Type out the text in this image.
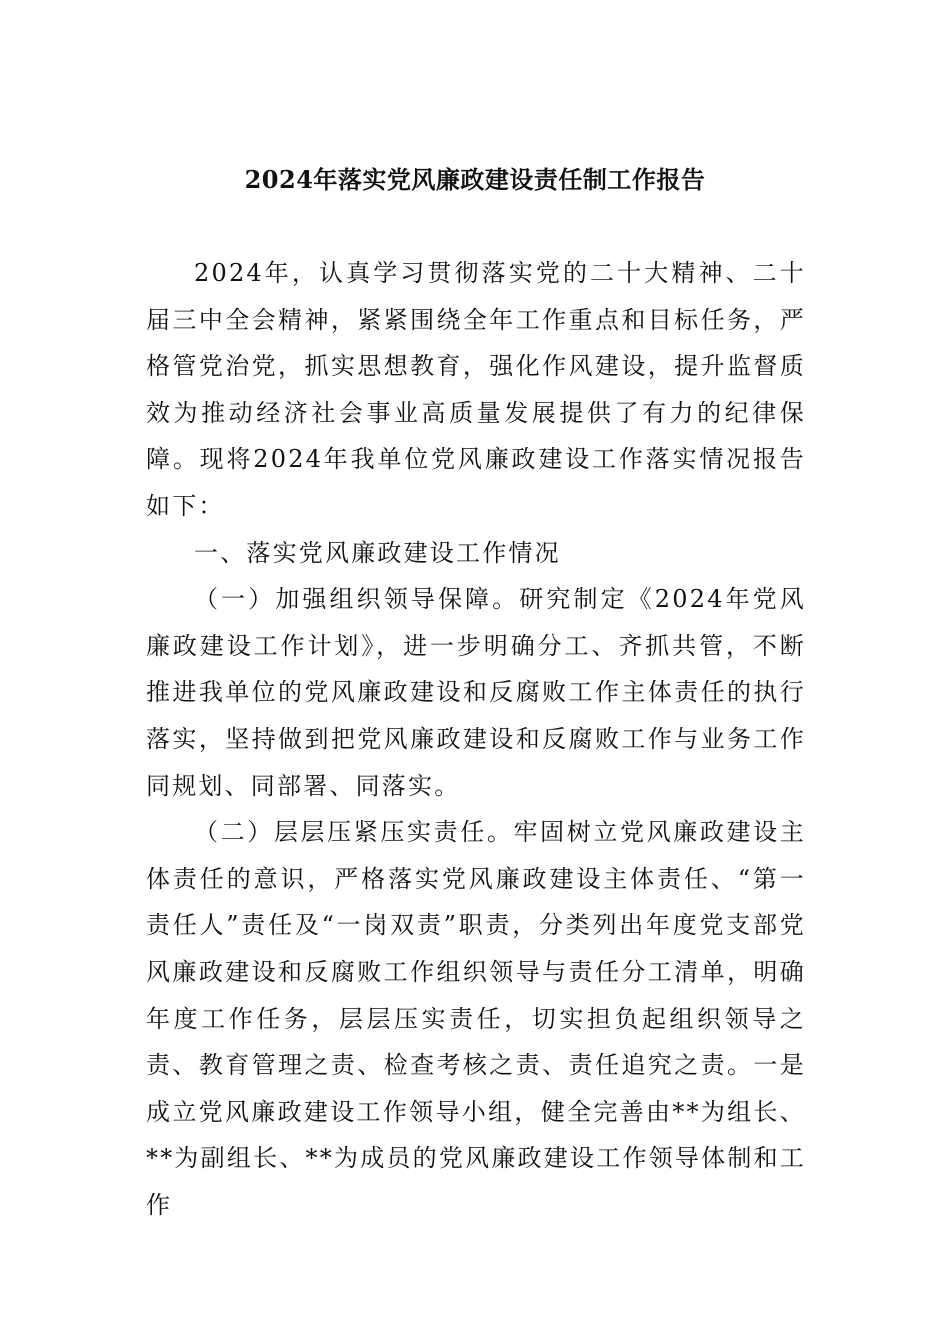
2024年落实党风廉政建设责任制工作报告

2024年，认真学习贯彻落实党的二十大精神、二十届三中全会精神，紧紧围绕全年工作重点和目标任务，严格管党治党，抓实思想教育，强化作风建设，提升监督质效为推动经济社会事业高质量发展提供了有力的纪律保障。现将2024年我单位党风廉政建设工作落实情况报告如下：

一、落实党风廉政建设工作情况

（一）加强组织领导保障。研究制定《2024年党风廉政建设工作计划》，进一步明确分工、齐抓共管，不断推进我单位的党风廉政建设和反腐败工作主体责任的执行落实，坚持做到把党风廉政建设和反腐败工作与业务工作同规划、同部署、同落实。

（二）层层压紧压实责任。牢固树立党风廉政建设主体责任的意识，严格落实党风廉政建设主体责任、“第一责任人”责任及“一岗双责”职责，分类列出年度党支部党风廉政建设和反腐败工作组织领导与责任分工清单，明确年度工作任务，层层压实责任，切实担负起组织领导之责、教育管理之责、检查考核之责、责任追究之责。一是成立党风廉政建设工作领导小组，健全完善由**为组长、**为副组长、**为成员的党风廉政建设工作领导体制和工作
